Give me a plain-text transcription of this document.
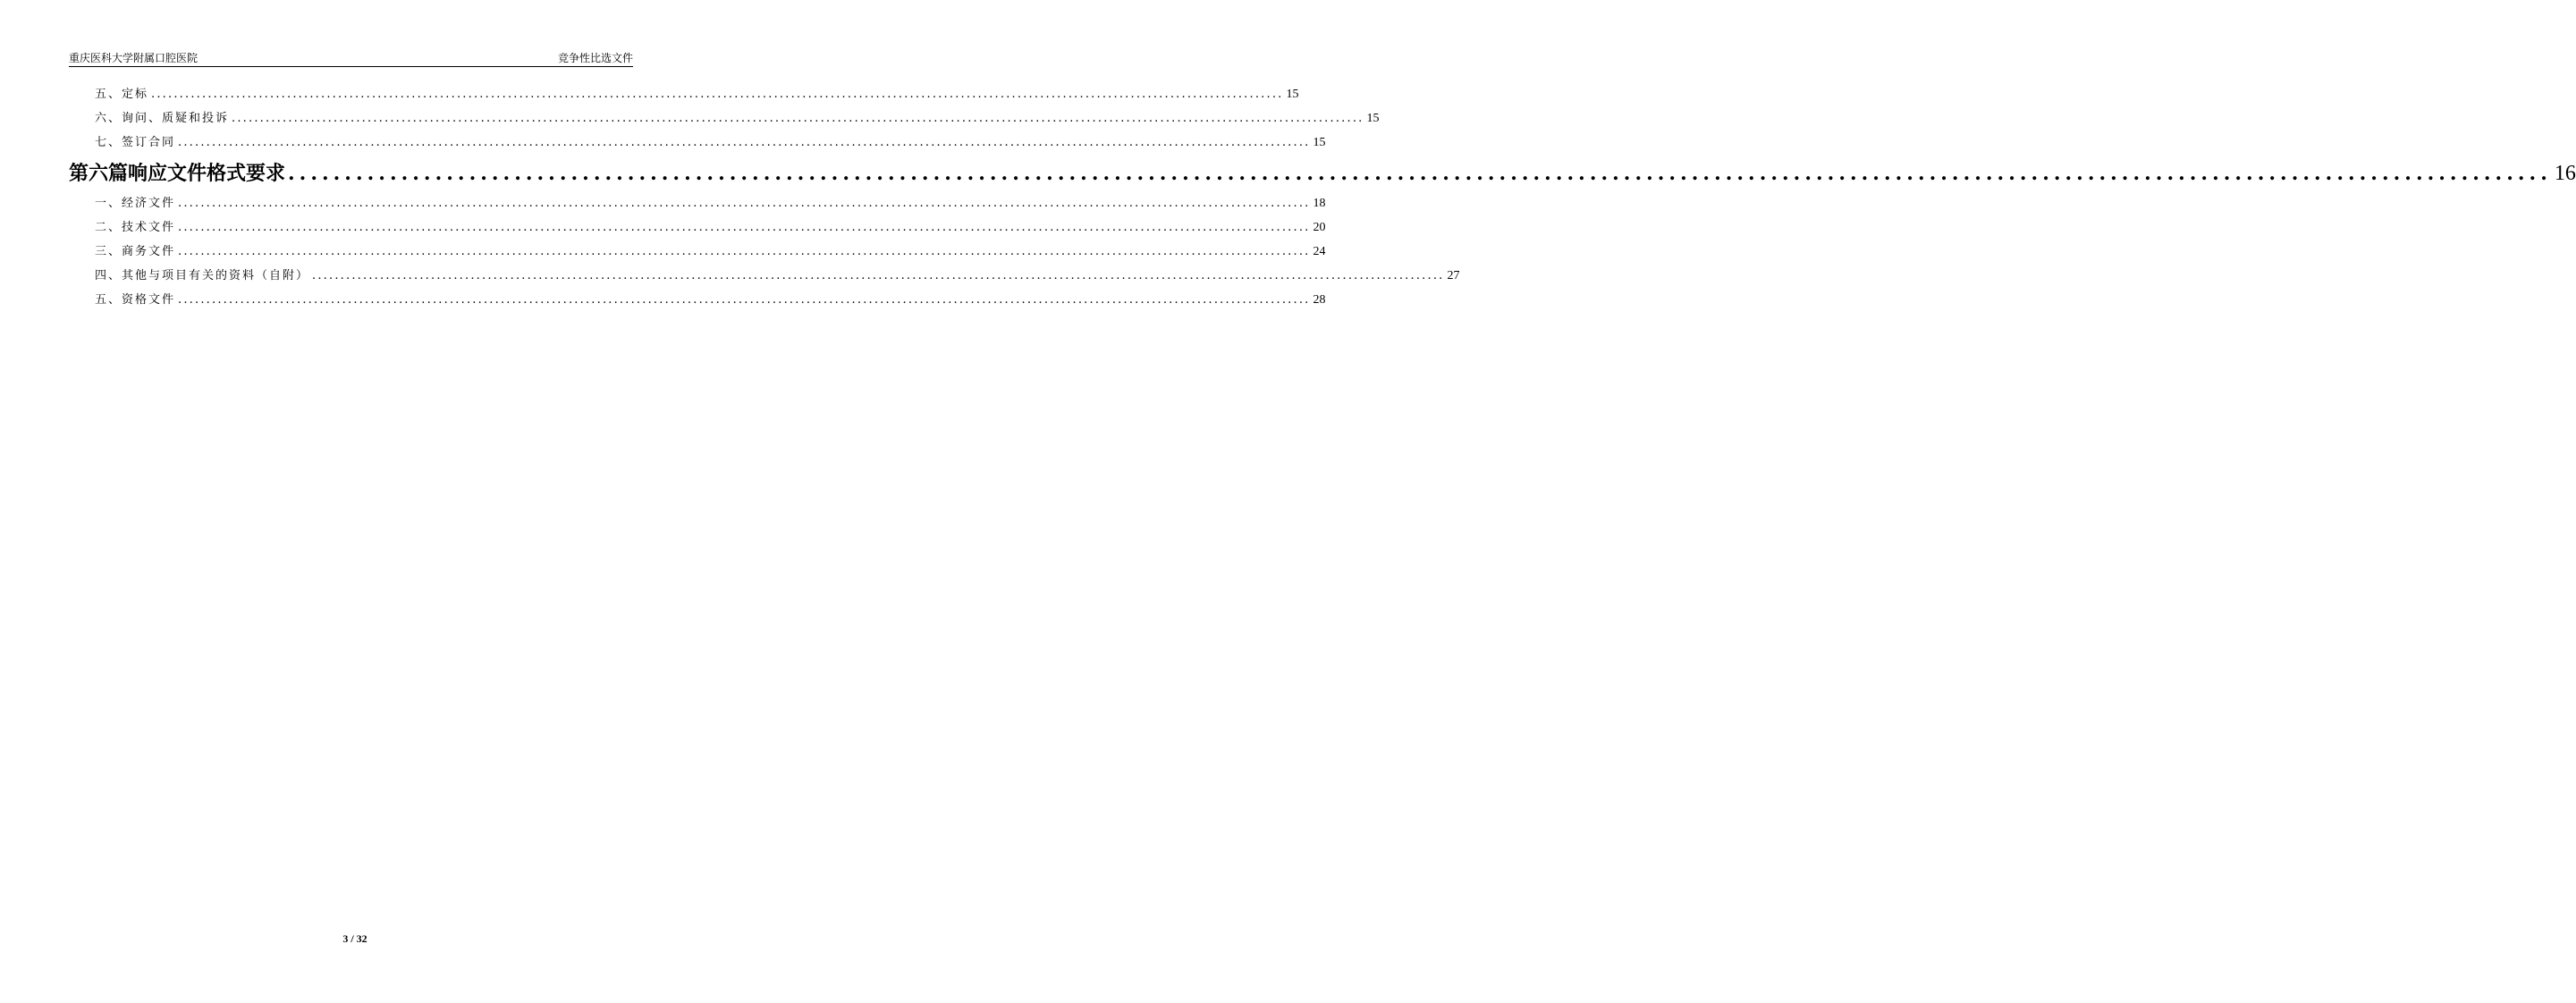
重庆医科大学附属口腔医院	竞争性比选文件
五、定标 ........................................................................................................................................................................................................ 15
六、询问、质疑和投诉 ........................................................................................................................................................................................................ 15
七、签订合同 ........................................................................................................................................................................................................ 15
第六篇响应文件格式要求 ........................................................................................................................................................................................................ 16
一、经济文件 ........................................................................................................................................................................................................ 18
二、技术文件 ........................................................................................................................................................................................................ 20
三、商务文件 ........................................................................................................................................................................................................ 24
四、其他与项目有关的资料（自附） ........................................................................................................................................................................................................ 27
五、资格文件 ........................................................................................................................................................................................................ 28
3 / 32
